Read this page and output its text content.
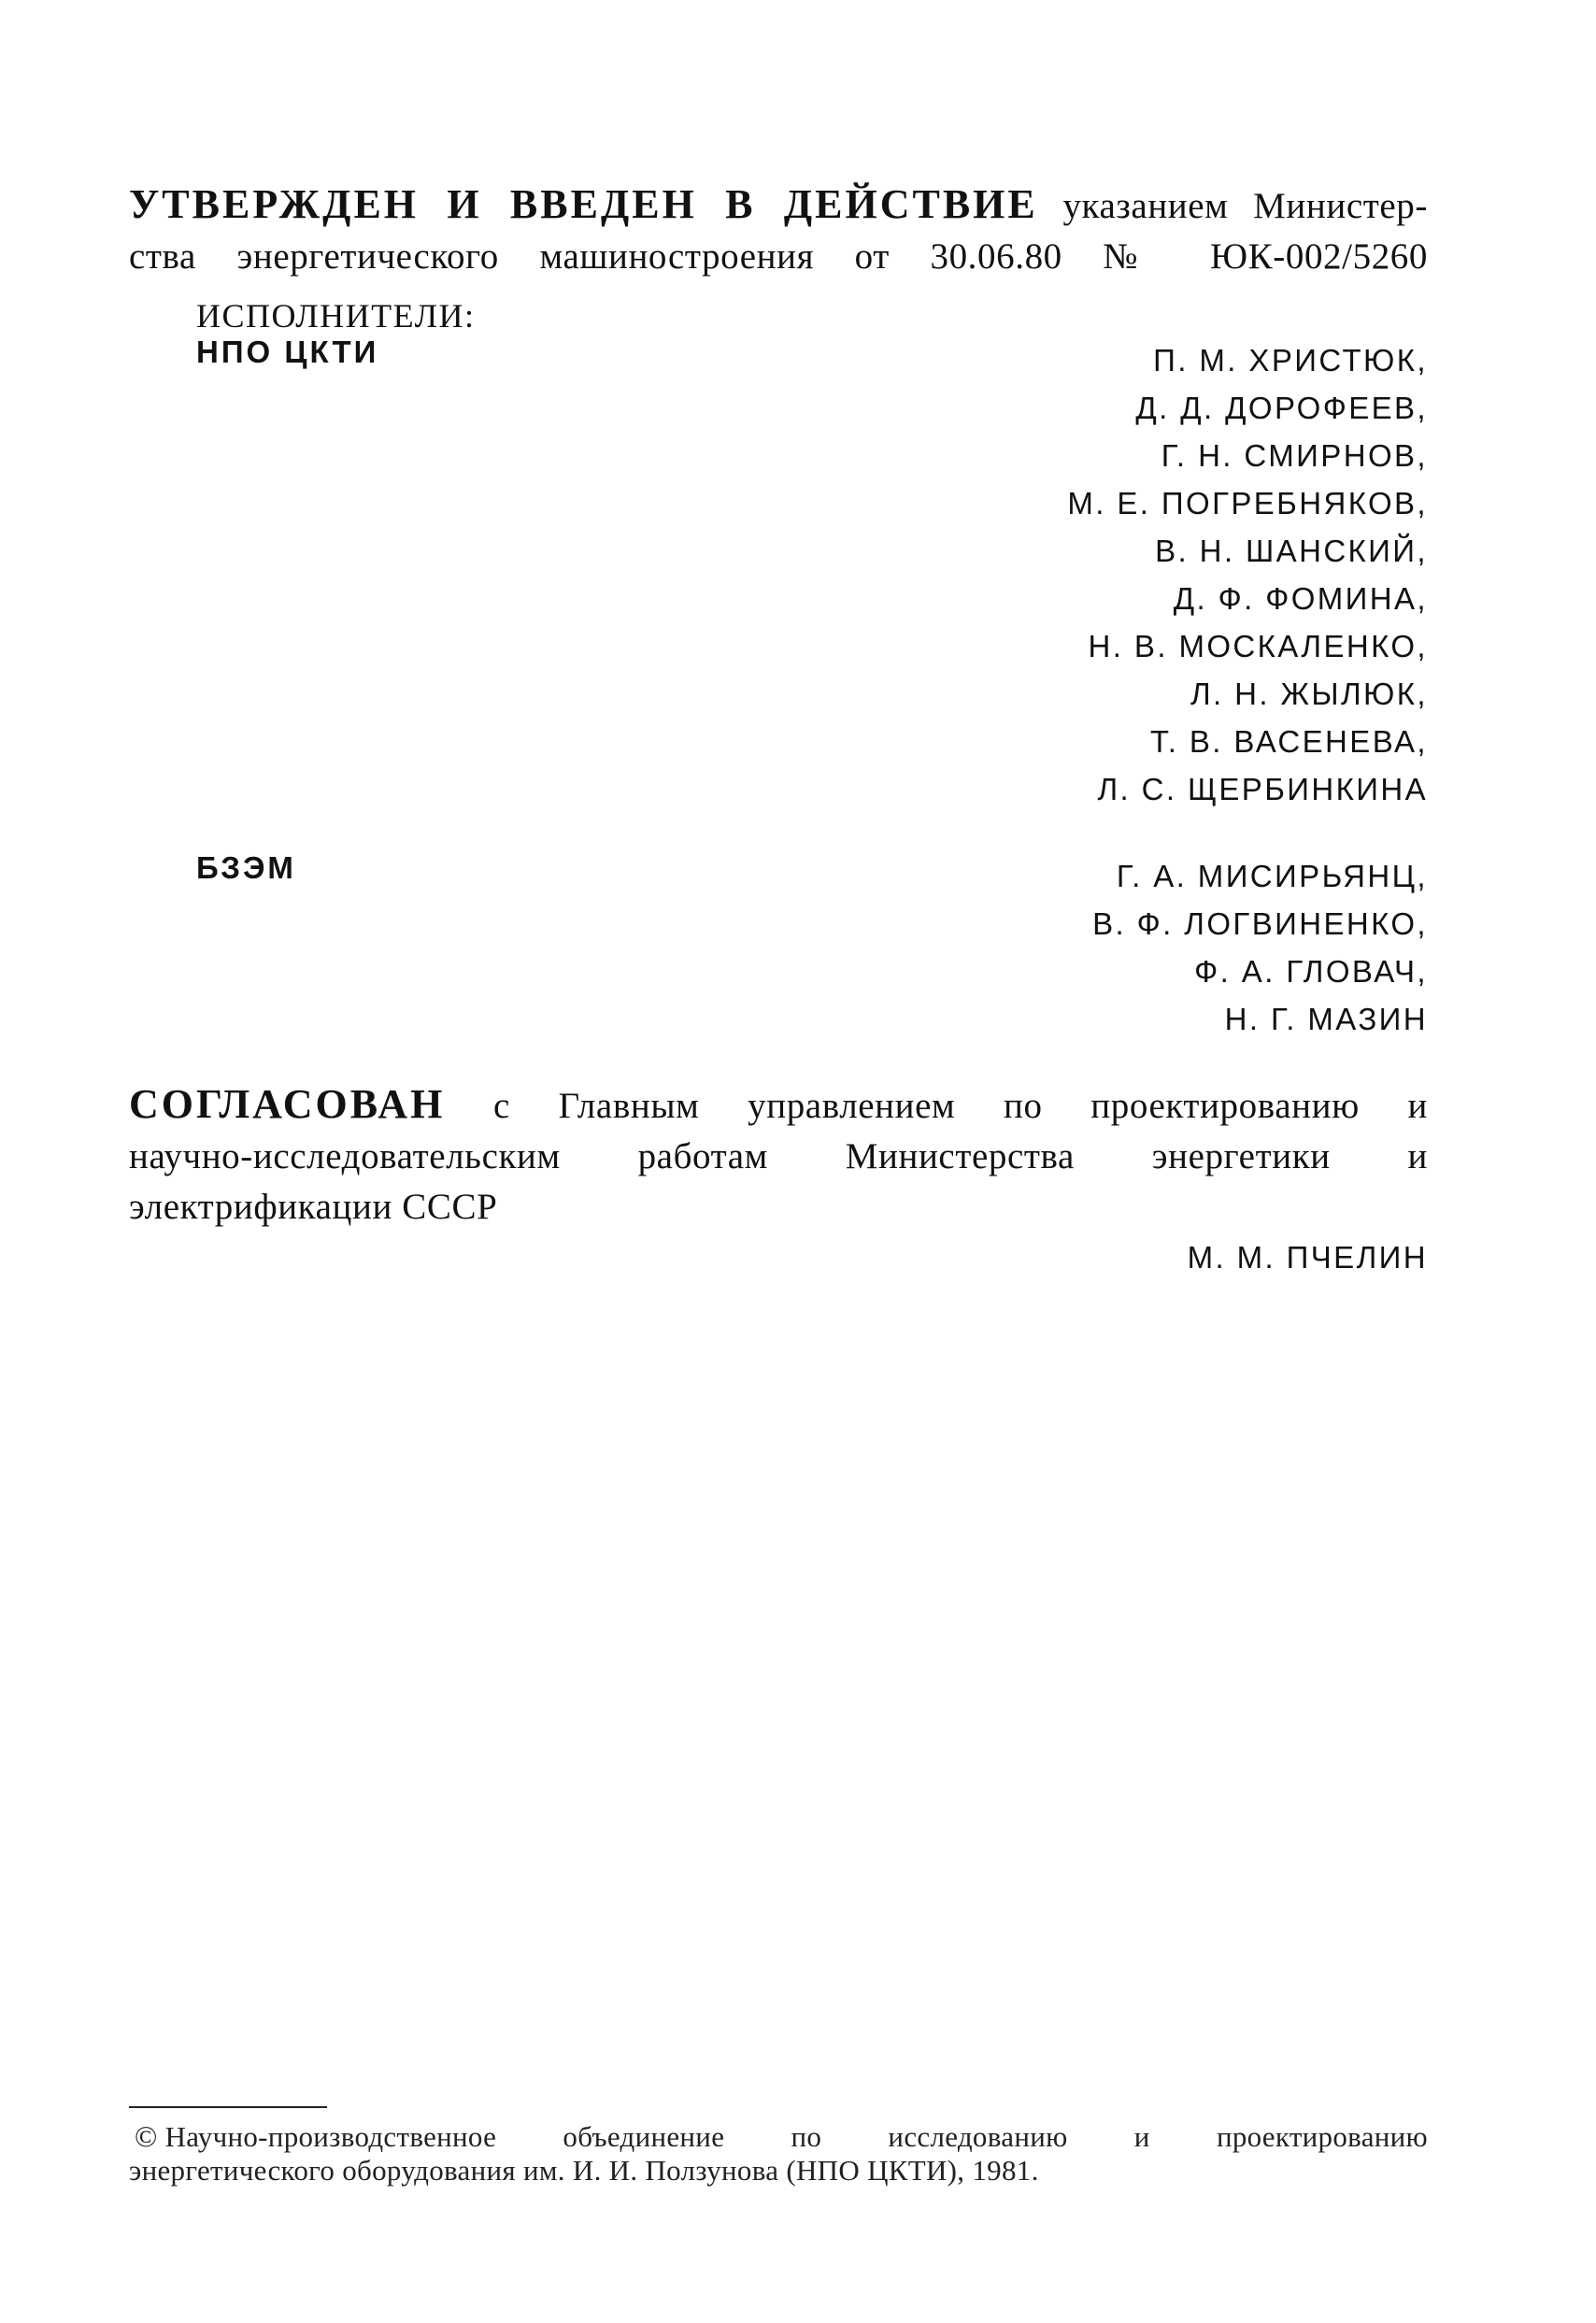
УТВЕРЖДЕН И ВВЕДЕН В ДЕЙСТВИЕ указанием Министер-
ства энергетического машиностроения от 30.06.80 № ЮК-002/5260
ИСПОЛНИТЕЛИ:
НПО ЦКТИ	П. М. ХРИСТЮК,
Д. Д. ДОРОФЕЕВ,
Г. Н. СМИРНОВ,
М. Е. ПОГРЕБНЯКОВ,
В. Н. ШАНСКИЙ,
Д. Ф. ФОМИНА,
Н. В. МОСКАЛЕНКО,
Л. Н. ЖЫЛЮК,
Т. В. ВАСЕНЕВА,
Л. С. ЩЕРБИНКИНА
БЗЭМ	Г. А. МИСИРЬЯНЦ,
В. Ф. ЛОГВИНЕНКО,
Ф. А. ГЛОВАЧ,
Н. Г. МАЗИН
СОГЛАСОВАН с Главным управлением по проектированию и
научно-исследовательским работам Министерства энергетики и
электрификации СССР
М. М. ПЧЕЛИН
© Научно-производственное объединение по исследованию и проектированию
энергетического оборудования им. И. И. Ползунова (НПО ЦКТИ), 1981.
